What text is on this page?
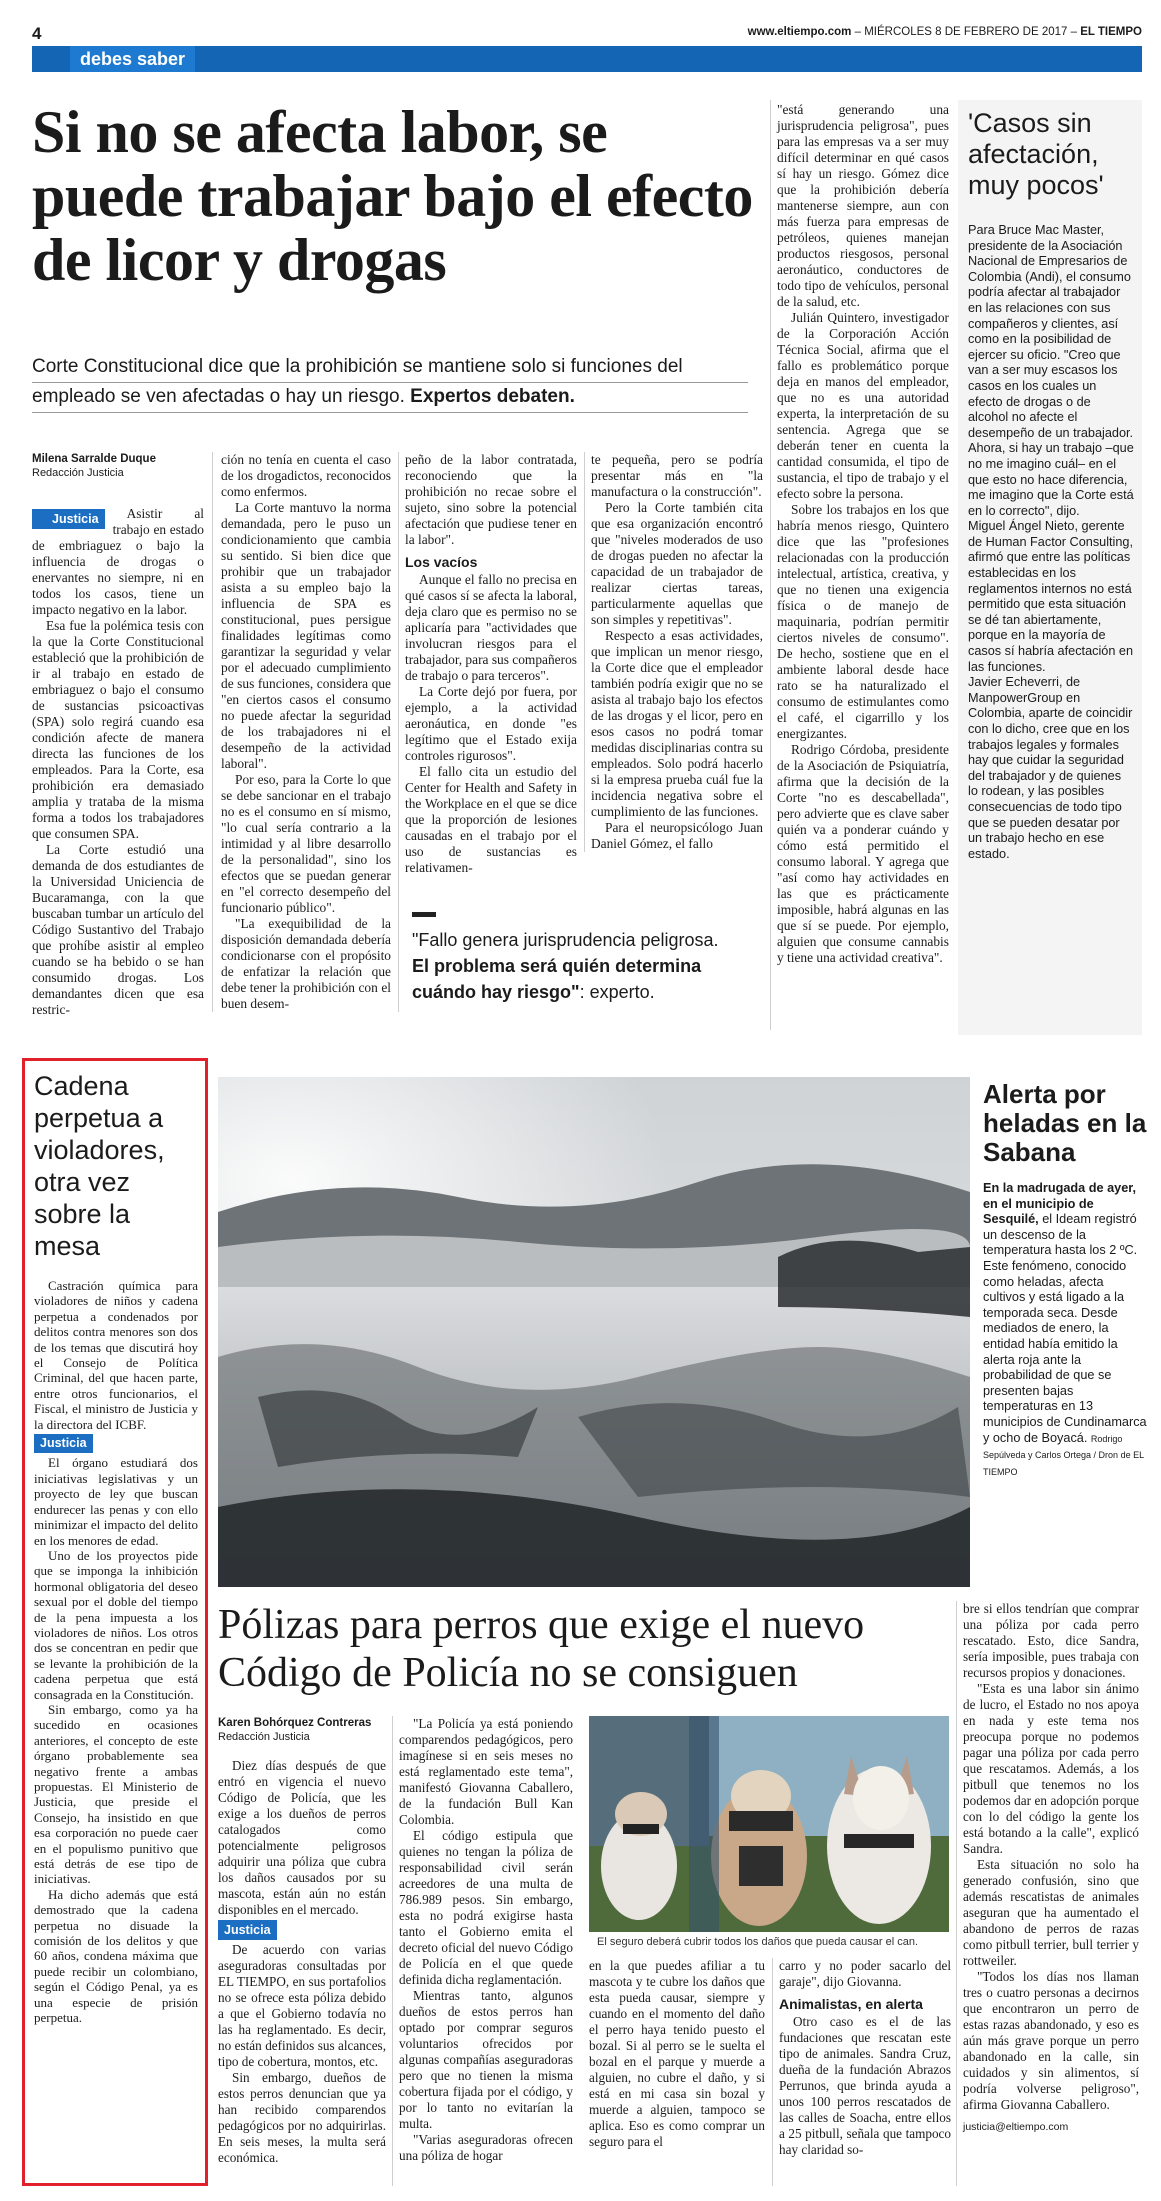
4	www.eltiempo.com – MIÉRCOLES 8 DE FEBRERO DE 2017 – EL TIEMPO
debes saber
Si no se afecta labor, se puede trabajar bajo el efecto de licor y drogas
Corte Constitucional dice que la prohibición se mantiene solo si funciones del empleado se ven afectadas o hay un riesgo. Expertos debaten.
Milena Sarralde Duque
Redacción Justicia

Justicia	Asistir al trabajo en estado de embriaguez o bajo la influencia de drogas o enervantes no siempre, ni en todos los casos, tiene un impacto negativo en la labor.

Esa fue la polémica tesis con la que la Corte Constitucional estableció que la prohibición de ir al trabajo en estado de embriaguez o bajo el consumo de sustancias psicoactivas (SPA) solo regirá cuando esa condición afecte de manera directa las funciones de los empleados. Para la Corte, esa prohibición era demasiado amplia y trataba de la misma forma a todos los trabajadores que consumen SPA.

La Corte estudió una demanda de dos estudiantes de la Universidad Uniciencia de Bucaramanga, con la que buscaban tumbar un artículo del Código Sustantivo del Trabajo que prohíbe asistir al empleo cuando se ha bebido o se han consumido drogas. Los demandantes dicen que esa restric-

ción no tenía en cuenta el caso de los drogadictos, reconocidos como enfermos.

La Corte mantuvo la norma demandada, pero le puso un condicionamiento que cambia su sentido. Si bien dice que prohibir que un trabajador asista a su empleo bajo la influencia de SPA es constitucional, pues persigue finalidades legítimas como garantizar la seguridad y velar por el adecuado cumplimiento de sus funciones, considera que "en ciertos casos el consumo no puede afectar la seguridad de los trabajadores ni el desempeño de la actividad laboral".

Por eso, para la Corte lo que se debe sancionar en el trabajo no es el consumo en sí mismo, "lo cual sería contrario a la intimidad y al libre desarrollo de la personalidad", sino los efectos que se puedan generar en "el correcto desempeño del funcionario público".

"La exequibilidad de la disposición demandada debería condicionarse con el propósito de enfatizar la relación que debe tener la prohibición con el buen desem-

peño de la labor contratada, reconociendo que la prohibición no recae sobre el sujeto, sino sobre la potencial afectación que pudiese tener en la labor".

Los vacíos

Aunque el fallo no precisa en qué casos sí se afecta la laboral, deja claro que es permiso no se aplicaría para "actividades que involucran riesgos para el trabajador, para sus compañeros de trabajo o para terceros".

La Corte dejó por fuera, por ejemplo, a la actividad aeronáutica, en donde "es legítimo que el Estado exija controles rigurosos".

El fallo cita un estudio del Center for Health and Safety in the Workplace en el que se dice que la proporción de lesiones causadas en el trabajo por el uso de sustancias es relativamen-

te pequeña, pero se podría presentar más en "la manufactura o la construcción".

Pero la Corte también cita que esa organización encontró que "niveles moderados de uso de drogas pueden no afectar la capacidad de un trabajador de realizar ciertas tareas, particularmente aquellas que son simples y repetitivas".

Respecto a esas actividades, que implican un menor riesgo, la Corte dice que el empleador también podría exigir que no se asista al trabajo bajo los efectos de las drogas y el licor, pero en esos casos no podrá tomar medidas disciplinarias contra su empleados. Solo podrá hacerlo si la empresa prueba cuál fue la incidencia negativa sobre el cumplimiento de las funciones.

Para el neuropsicólogo Juan Daniel Gómez, el fallo

"Fallo genera jurisprudencia peligrosa.
El problema será quién determina cuándo hay riesgo": experto.

"está generando una jurisprudencia peligrosa", pues para las empresas va a ser muy difícil determinar en qué casos sí hay un riesgo. Gómez dice que la prohibición debería mantenerse siempre, aun con más fuerza para empresas de petróleos, quienes manejan productos riesgosos, personal aeronáutico, conductores de todo tipo de vehículos, personal de la salud, etc.

Julián Quintero, investigador de la Corporación Acción Técnica Social, afirma que el fallo es problemático porque deja en manos del empleador, que no es una autoridad experta, la interpretación de su sentencia. Agrega que se deberán tener en cuenta la cantidad consumida, el tipo de sustancia, el tipo de trabajo y el efecto sobre la persona.

Sobre los trabajos en los que habría menos riesgo, Quintero dice que las "profesiones relacionadas con la producción intelectual, artística, creativa, y que no tienen una exigencia física o de manejo de maquinaria, podrían permitir ciertos niveles de consumo". De hecho, sostiene que en el ambiente laboral desde hace rato se ha naturalizado el consumo de estimulantes como el café, el cigarrillo y los energizantes.

Rodrigo Córdoba, presidente de la Asociación de Psiquiatría, afirma que la decisión de la Corte "no es descabellada", pero advierte que es clave saber quién va a ponderar cuándo y cómo está permitido el consumo laboral. Y agrega que "así como hay actividades en las que es prácticamente imposible, habrá algunas en las que sí se puede. Por ejemplo, alguien que consume cannabis y tiene una actividad creativa".

'Casos sin afectación, muy pocos'

Para Bruce Mac Master, presidente de la Asociación Nacional de Empresarios de Colombia (Andi), el consumo podría afectar al trabajador en las relaciones con sus compañeros y clientes, así como en la posibilidad de ejercer su oficio. "Creo que van a ser muy escasos los casos en los cuales un efecto de drogas o de alcohol no afecte el desempeño de un trabajador. Ahora, si hay un trabajo –que no me imagino cuál– en el que esto no hace diferencia, me imagino que la Corte está en lo correcto", dijo.

Miguel Ángel Nieto, gerente de Human Factor Consulting, afirmó que entre las políticas establecidas en los reglamentos internos no está permitido que esta situación se dé tan abiertamente, porque en la mayoría de casos sí habría afectación en las funciones.

Javier Echeverri, de ManpowerGroup en Colombia, aparte de coincidir con lo dicho, cree que en los trabajos legales y formales hay que cuidar la seguridad del trabajador y de quienes lo rodean, y las posibles consecuencias de todo tipo que se pueden desatar por un trabajo hecho en ese estado.

Cadena perpetua a violadores, otra vez sobre la mesa

Castración química para violadores de niños y cadena perpetua a condenados por delitos contra menores son dos de los temas que discutirá hoy el Consejo de Política Criminal, del que hacen parte, entre otros funcionarios, el Fiscal, el ministro de Justicia y la directora del ICBF.

Justicia

El órgano estudiará dos iniciativas legislativas y un proyecto de ley que buscan endurecer las penas y con ello minimizar el impacto del delito en los menores de edad.

Uno de los proyectos pide que se imponga la inhibición hormonal obligatoria del deseo sexual por el doble del tiempo de la pena impuesta a los violadores de niños. Los otros dos se concentran en pedir que se levante la prohibición de la cadena perpetua que está consagrada en la Constitución.

Sin embargo, como ya ha sucedido en ocasiones anteriores, el concepto de este órgano probablemente sea negativo frente a ambas propuestas. El Ministerio de Justicia, que preside el Consejo, ha insistido en que esa corporación no puede caer en el populismo punitivo que está detrás de ese tipo de iniciativas.

Ha dicho además que está demostrado que la cadena perpetua no disuade la comisión de los delitos y que 60 años, condena máxima que puede recibir un colombiano, según el Código Penal, ya es una especie de prisión perpetua.

Alerta por heladas en la Sabana
En la madrugada de ayer, en el municipio de Sesquilé, el Ideam registró un descenso de la temperatura hasta los 2 ºC. Este fenómeno, conocido como heladas, afecta cultivos y está ligado a la temporada seca. Desde mediados de enero, la entidad había emitido la alerta roja ante la probabilidad de que se presenten bajas temperaturas en 13 municipios de Cundinamarca y ocho de Boyacá. Rodrigo Sepúlveda y Carlos Ortega / Dron de EL TIEMPO
Pólizas para perros que exige el nuevo Código de Policía no se consiguen
Karen Bohórquez Contreras
Redacción Justicia

Diez días después de que entró en vigencia el nuevo Código de Policía, que les exige a los dueños de perros catalogados como potencialmente peligrosos adquirir una póliza que cubra los daños causados por su mascota, están aún no están disponibles en el mercado.

Justicia

De acuerdo con varias aseguradoras consultadas por EL TIEMPO, en sus portafolios no se ofrece esta póliza debido a que el Gobierno todavía no las ha reglamentado. Es decir, no están definidos sus alcances, tipo de cobertura, montos, etc.

Sin embargo, dueños de estos perros denuncian que ya han recibido comparendos pedagógicos por no adquirirlas. En seis meses, la multa será económica.

"La Policía ya está poniendo comparendos pedagógicos, pero imagínese si en seis meses no está reglamentado este tema", manifestó Giovanna Caballero, de la fundación Bull Kan Colombia.

El código estipula que quienes no tengan la póliza de responsabilidad civil serán acreedores de una multa de 786.989 pesos. Sin embargo, esta no podrá exigirse hasta tanto el Gobierno emita el decreto oficial del nuevo Código de Policía en el que quede definida dicha reglamentación.

Mientras tanto, algunos dueños de estos perros han optado por comprar seguros voluntarios ofrecidos por algunas compañías aseguradoras pero que no tienen la misma cobertura fijada por el código, y por lo tanto no evitarían la multa.

"Varias aseguradoras ofrecen una póliza de hogar

El seguro deberá cubrir todos los daños que pueda causar el can.

en la que puedes afiliar a tu mascota y te cubre los daños que esta pueda causar, siempre y cuando en el momento del daño el perro haya tenido puesto el bozal. Si al perro se le suelta el bozal en el parque y muerde a alguien, no cubre el daño, y si está en mi casa sin bozal y muerde a alguien, tampoco se aplica. Eso es como comprar un seguro para el

carro y no poder sacarlo del garaje", dijo Giovanna.

Animalistas, en alerta

Otro caso es el de las fundaciones que rescatan este tipo de animales. Sandra Cruz, dueña de la fundación Abrazos Perrunos, que brinda ayuda a unos 100 perros rescatados de las calles de Soacha, entre ellos a 25 pitbull, señala que tampoco hay claridad so-

bre si ellos tendrían que comprar una póliza por cada perro rescatado. Esto, dice Sandra, sería imposible, pues trabaja con recursos propios y donaciones.

"Esta es una labor sin ánimo de lucro, el Estado no nos apoya en nada y este tema nos preocupa porque no podemos pagar una póliza por cada perro que rescatamos. Además, a los pitbull que tenemos no los podemos dar en adopción porque con lo del código la gente los está botando a la calle", explicó Sandra.

Esta situación no solo ha generado confusión, sino que además rescatistas de animales aseguran que ha aumentado el abandono de perros de razas como pitbull terrier, bull terrier y rottweiler.

"Todos los días nos llaman tres o cuatro personas a decirnos que encontraron un perro de estas razas abandonado, y eso es aún más grave porque un perro abandonado en la calle, sin cuidados y sin alimentos, sí podría volverse peligroso", afirma Giovanna Caballero.

justicia@eltiempo.com
